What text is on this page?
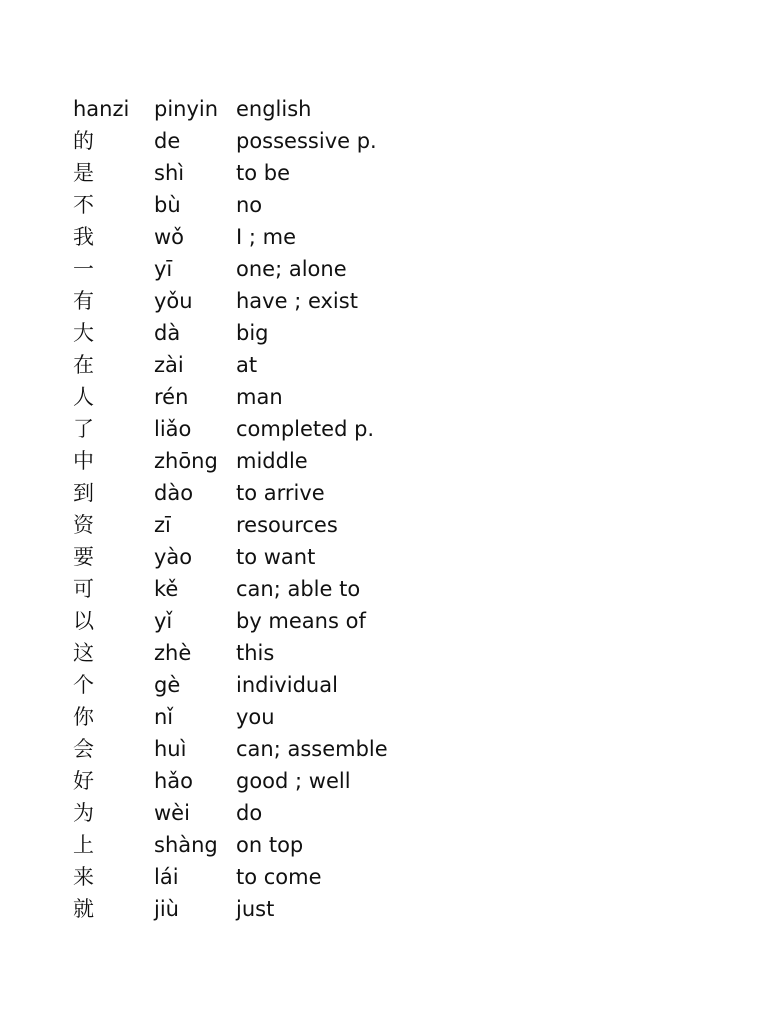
hanzi	pinyin	english
的	de	possessive p.
是	shì	to be
不	bù	no
我	wǒ	I ; me
一	yī	one; alone
有	yǒu	have ; exist
大	dà	big
在	zài	at
人	rén	man
了	liǎo	completed p.
中	zhōng	middle
到	dào	to arrive
资	zī	resources
要	yào	to want
可	kě	can; able to
以	yǐ	by means of
这	zhè	this
个	gè	individual
你	nǐ	you
会	huì	can; assemble
好	hǎo	good ; well
为	wèi	do
上	shàng	on top
来	lái	to come
就	jiù	just
